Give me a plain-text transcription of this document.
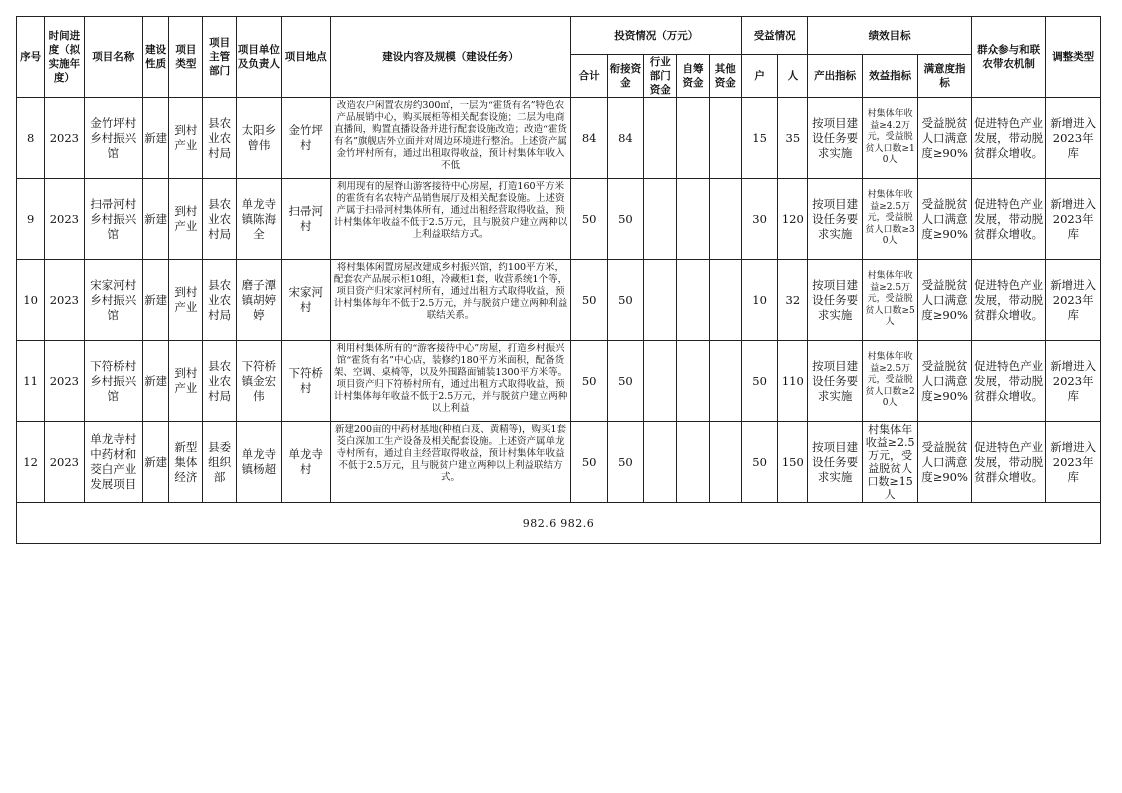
序号	时间进度（拟实施年度）	项目名称	建设性质	项目类型	项目主管部门	项目单位及负责人	项目地点	建设内容及规模（建设任务）	投资情况（万元）					受益情况		绩效目标			群众参与和联农带农机制	调整类型
									合计	衔接资金	行业部门资金	自筹资金	其他资金	户	人	产出指标	效益指标	满意度指标		
8	2023	金竹坪村乡村振兴馆	新建	到村产业	县农业农村局	太阳乡曾伟	金竹坪村	改造农户闲置农房约300㎡，一层为“霍货有名”特色农产品展销中心，购买展柜等相关配套设施；二层为电商直播间，购置直播设备并进行配套设施改造；改造“霍货有名”旗舰店外立面并对周边环境进行整治。上述资产属金竹坪村所有，通过出租取得收益，预计村集体年收入不低	84	84				15	35	按项目建设任务要求实施	村集体年收益≥4.2万元，受益脱贫人口数≥10人	受益脱贫人口满意度≥90%	促进特色产业发展，带动脱贫群众增收。	新增进入2023年库
9	2023	扫帚河村乡村振兴馆	新建	到村产业	县农业农村局	单龙寺镇陈海全	扫帚河村	利用现有的屋脊山游客接待中心房屋，打造160平方米的霍货有名农特产品销售展厅及相关配套设施。上述资产属于扫帚河村集体所有，通过出租经营取得收益，预计村集体年收益不低于2.5万元，且与脱贫户建立两种以上利益联结方式。	50	50				30	120	按项目建设任务要求实施	村集体年收益≥2.5万元，受益脱贫人口数≥30人	受益脱贫人口满意度≥90%	促进特色产业发展，带动脱贫群众增收。	新增进入2023年库
10	2023	宋家河村乡村振兴馆	新建	到村产业	县农业农村局	磨子潭镇胡婷婷	宋家河村	将村集体闲置房屋改建成乡村振兴馆，约100平方米，配套农产品展示柜10组，冷藏柜1套，收营系统1个等，项目资产归宋家河村所有，通过出租方式取得收益，预计村集体每年不低于2.5万元，并与脱贫户建立两种利益联结关系。	50	50				10	32	按项目建设任务要求实施	村集体年收益≥2.5万元，受益脱贫人口数≥5人	受益脱贫人口满意度≥90%	促进特色产业发展，带动脱贫群众增收。	新增进入2023年库
11	2023	下符桥村乡村振兴馆	新建	到村产业	县农业农村局	下符桥镇金宏伟	下符桥村	利用村集体所有的“游客接待中心”房屋，打造乡村振兴馆“霍货有名”中心店，装修约180平方米面积，配备货架、空调、桌椅等，以及外围路面铺装1300平方米等。项目资产归下符桥村所有，通过出租方式取得收益，预计村集体每年收益不低于2.5万元，并与脱贫户建立两种以上利益	50	50				50	110	按项目建设任务要求实施	村集体年收益≥2.5万元，受益脱贫人口数≥20人	受益脱贫人口满意度≥90%	促进特色产业发展，带动脱贫群众增收。	新增进入2023年库
12	2023	单龙寺村中药材和茭白产业发展项目	新建	新型集体经济	县委组织部	单龙寺镇杨超	单龙寺村	新建200亩的中药材基地(种植白芨、黄精等)，购买1套茭白深加工生产设备及相关配套设施。上述资产属单龙寺村所有，通过自主经营取得收益，预计村集体年收益不低于2.5万元，且与脱贫户建立两种以上利益联结方式。	50	50				50	150	按项目建设任务要求实施	村集体年收益≥2.5万元，受益脱贫人口数≥15人	受益脱贫人口满意度≥90%	促进特色产业发展，带动脱贫群众增收。	新增进入2023年库
982.6 982.6																				
